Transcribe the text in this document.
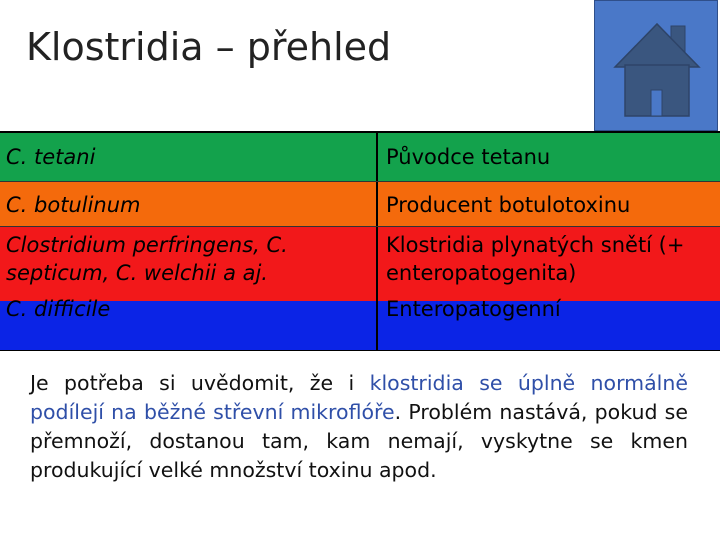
Klostridia – přehled
C. tetani	Původce tetanu
C. botulinum	Producent botulotoxinu
Clostridium perfringens, C.
septicum, C. welchii a aj.
C. difficile
Klostridia plynatých snětí (+
enteropatogenita)
Enteropatogenní
Je potřeba si uvědomit, že i klostridia se úplně normálně podílejí na běžné střevní mikroflóře. Problém nastává, pokud se přemnoží, dostanou tam, kam nemají, vyskytne se kmen produkující velké množství toxinu apod.
